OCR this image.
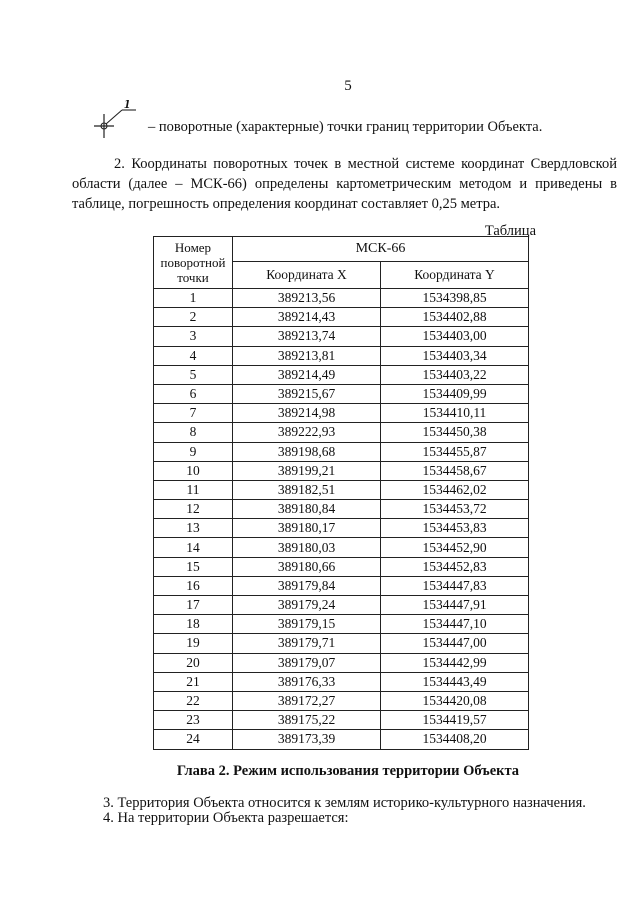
5
1
– поворотные (характерные) точки границ территории Объекта.
2. Координаты поворотных точек в местной системе координат Свердловской области (далее – МСК-66) определены картометрическим методом и приведены в таблице, погрешность определения координат составляет 0,25 метра.
Таблица
Номер поворотной точки	МСК-66	
	Координата X	Координата Y
1	389213,56	1534398,85
2	389214,43	1534402,88
3	389213,74	1534403,00
4	389213,81	1534403,34
5	389214,49	1534403,22
6	389215,67	1534409,99
7	389214,98	1534410,11
8	389222,93	1534450,38
9	389198,68	1534455,87
10	389199,21	1534458,67
11	389182,51	1534462,02
12	389180,84	1534453,72
13	389180,17	1534453,83
14	389180,03	1534452,90
15	389180,66	1534452,83
16	389179,84	1534447,83
17	389179,24	1534447,91
18	389179,15	1534447,10
19	389179,71	1534447,00
20	389179,07	1534442,99
21	389176,33	1534443,49
22	389172,27	1534420,08
23	389175,22	1534419,57
24	389173,39	1534408,20
Глава 2. Режим использования территории Объекта
3. Территория Объекта относится к землям историко-культурного назначения.
4. На территории Объекта разрешается:
